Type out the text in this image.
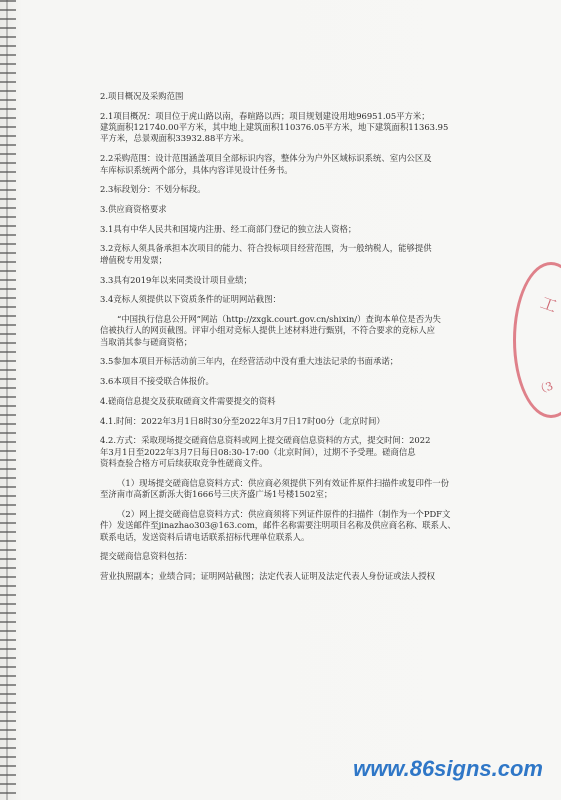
2.项目概况及采购范围
2.1项目概况：项目位于虎山路以南，春暄路以西；项目规划建设用地96951.05平方米；
建筑面积121740.00平方米，其中地上建筑面积110376.05平方米，地下建筑面积11363.95
平方米，总景观面积33932.88平方米。
2.2采购范围：设计范围涵盖项目全部标识内容，整体分为户外区域标识系统、室内公区及
车库标识系统两个部分，具体内容详见设计任务书。
2.3标段划分：不划分标段。
3.供应商资格要求
3.1具有中华人民共和国境内注册、经工商部门登记的独立法人资格；
3.2竞标人须具备承担本次项目的能力、符合投标项目经营范围，为一般纳税人，能够提供
增值税专用发票；
3.3具有2019年以来同类设计项目业绩；
3.4竞标人须提供以下资质条件的证明网站截图：
“中国执行信息公开网”网站（http://zxgk.court.gov.cn/shixin/）查询本单位是否为失
信被执行人的网页截图。评审小组对竞标人提供上述材料进行甄别，不符合要求的竞标人应
当取消其参与磋商资格；
3.5参加本项目开标活动前三年内，在经营活动中没有重大违法记录的书面承诺；
3.6本项目不接受联合体报价。
4.磋商信息提交及获取磋商文件需要提交的资料
4.1.时间：2022年3月1日8时30分至2022年3月7日17时00分（北京时间）
4.2.方式：采取现场提交磋商信息资料或网上提交磋商信息资料的方式，提交时间：2022
年3月1日至2022年3月7日每日08:30-17:00（北京时间），过期不予受理。磋商信息
资料查验合格方可后续获取竞争性磋商文件。
（1）现场提交磋商信息资料方式：供应商必须提供下列有效证件原件扫描件或复印件一份
至济南市高新区新泺大街1666号三庆齐盛广场1号楼1502室；
（2）网上提交磋商信息资料方式：供应商须将下列证件原件的扫描件（制作为一个PDF文
件）发送邮件至jinazhao303@163.com，邮件名称需要注明项目名称及供应商名称、联系人、
联系电话，发送资料后请电话联系招标代理单位联系人。
提交磋商信息资料包括：
营业执照副本；业绩合同；证明网站截图；法定代表人证明及法定代表人身份证或法人授权
工
（3
www.86signs.com
